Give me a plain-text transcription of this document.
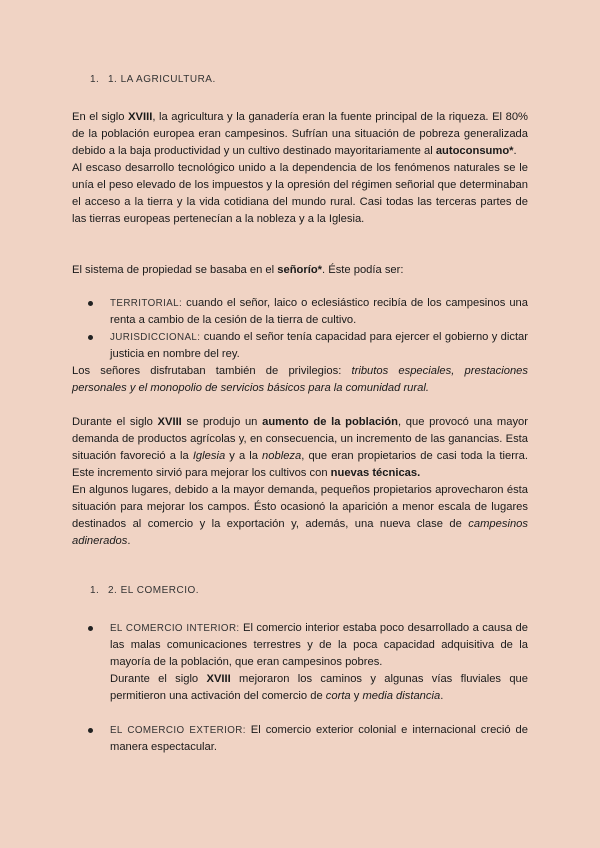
1. 1. LA AGRICULTURA.

En el siglo XVIII, la agricultura y la ganadería eran la fuente principal de la riqueza. El 80% de la población europea eran campesinos. Sufrían una situación de pobreza generalizada debido a la baja productividad y un cultivo destinado mayoritariamente al autoconsumo*.

Al escaso desarrollo tecnológico unido a la dependencia de los fenómenos naturales se le unía el peso elevado de los impuestos y la opresión del régimen señorial que determinaban el acceso a la tierra y la vida cotidiana del mundo rural. Casi todas las terceras partes de las tierras europeas pertenecían a la nobleza y a la Iglesia.

El sistema de propiedad se basaba en el señorío*. Éste podía ser:

TERRITORIAL: cuando el señor, laico o eclesiástico recibía de los campesinos una renta a cambio de la cesión de la tierra de cultivo.
JURISDICCIONAL: cuando el señor tenía capacidad para ejercer el gobierno y dictar justicia en nombre del rey.

Los señores disfrutaban también de privilegios: tributos especiales, prestaciones personales y el monopolio de servicios básicos para la comunidad rural.

Durante el siglo XVIII se produjo un aumento de la población, que provocó una mayor demanda de productos agrícolas y, en consecuencia, un incremento de las ganancias. Esta situación favoreció a la Iglesia y a la nobleza, que eran propietarios de casi toda la tierra. Este incremento sirvió para mejorar los cultivos con nuevas técnicas.

En algunos lugares, debido a la mayor demanda, pequeños propietarios aprovecharon ésta situación para mejorar los campos. Ésto ocasionó la aparición a menor escala de lugares destinados al comercio y la exportación y, además, una nueva clase de campesinos adinerados.

1. 2. EL COMERCIO.
EL COMERCIO INTERIOR: El comercio interior estaba poco desarrollado a causa de las malas comunicaciones terrestres y de la poca capacidad adquisitiva de la mayoría de la población, que eran campesinos pobres.
Durante el siglo XVIII mejoraron los caminos y algunas vías fluviales que permitieron una activación del comercio de corta y media distancia.
EL COMERCIO EXTERIOR: El comercio exterior colonial e internacional creció de manera espectacular.
